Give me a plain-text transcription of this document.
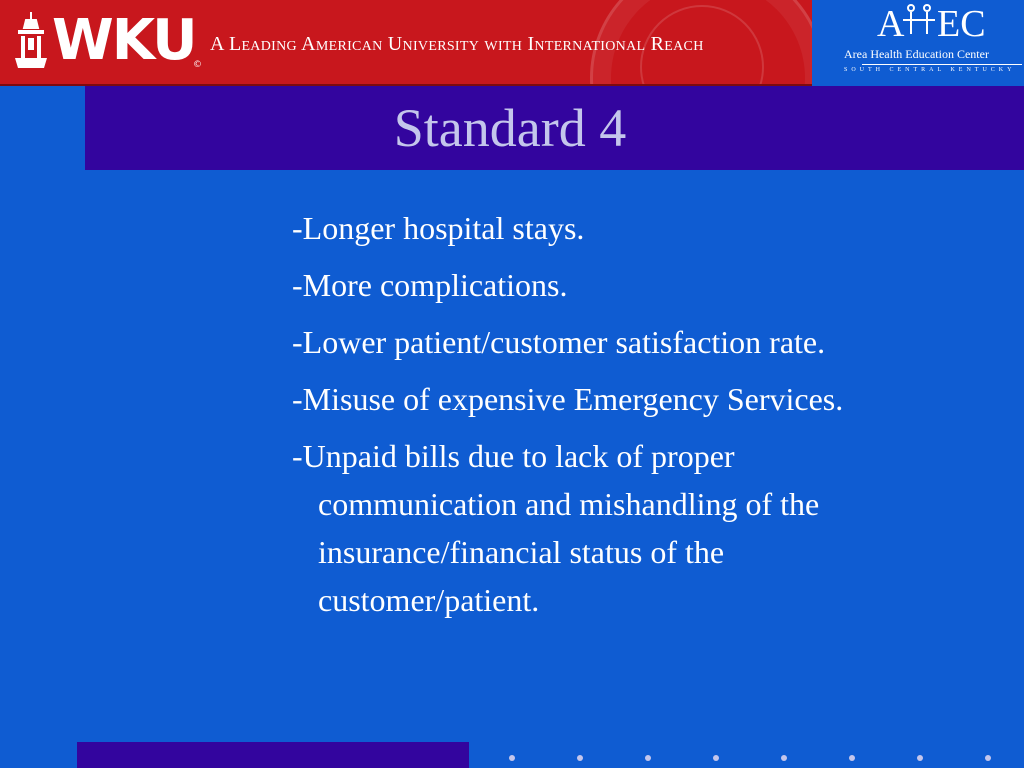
WKU
©
A Leading American University with International Reach	A EC
Area Health Education Center
SOUTH CENTRAL KENTUCKY
Standard 4
-Longer hospital stays.
-More complications.
-Lower patient/customer satisfaction rate.
-Misuse of expensive Emergency Services.
-Unpaid bills due to lack of proper communication and mishandling of the insurance/financial status of the customer/patient.
